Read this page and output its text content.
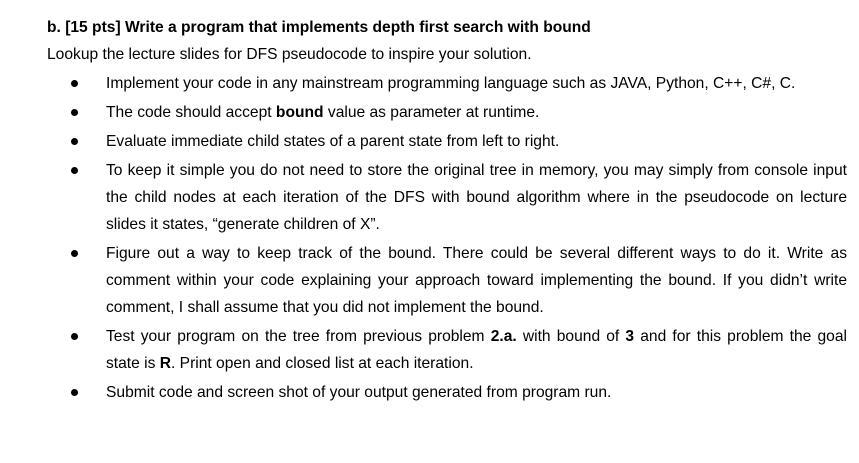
b. [15 pts] Write a program that implements depth first search with bound

Lookup the lecture slides for DFS pseudocode to inspire your solution.

Implement your code in any mainstream programming language such as JAVA, Python, C++, C#, C.
The code should accept bound value as parameter at runtime.
Evaluate immediate child states of a parent state from left to right.
To keep it simple you do not need to store the original tree in memory, you may simply from console input the child nodes at each iteration of the DFS with bound algorithm where in the pseudocode on lecture slides it states, “generate children of X”.
Figure out a way to keep track of the bound. There could be several different ways to do it. Write as comment within your code explaining your approach toward implementing the bound. If you didn’t write comment, I shall assume that you did not implement the bound.
Test your program on the tree from previous problem 2.a. with bound of 3 and for this problem the goal state is R. Print open and closed list at each iteration.
Submit code and screen shot of your output generated from program run.
